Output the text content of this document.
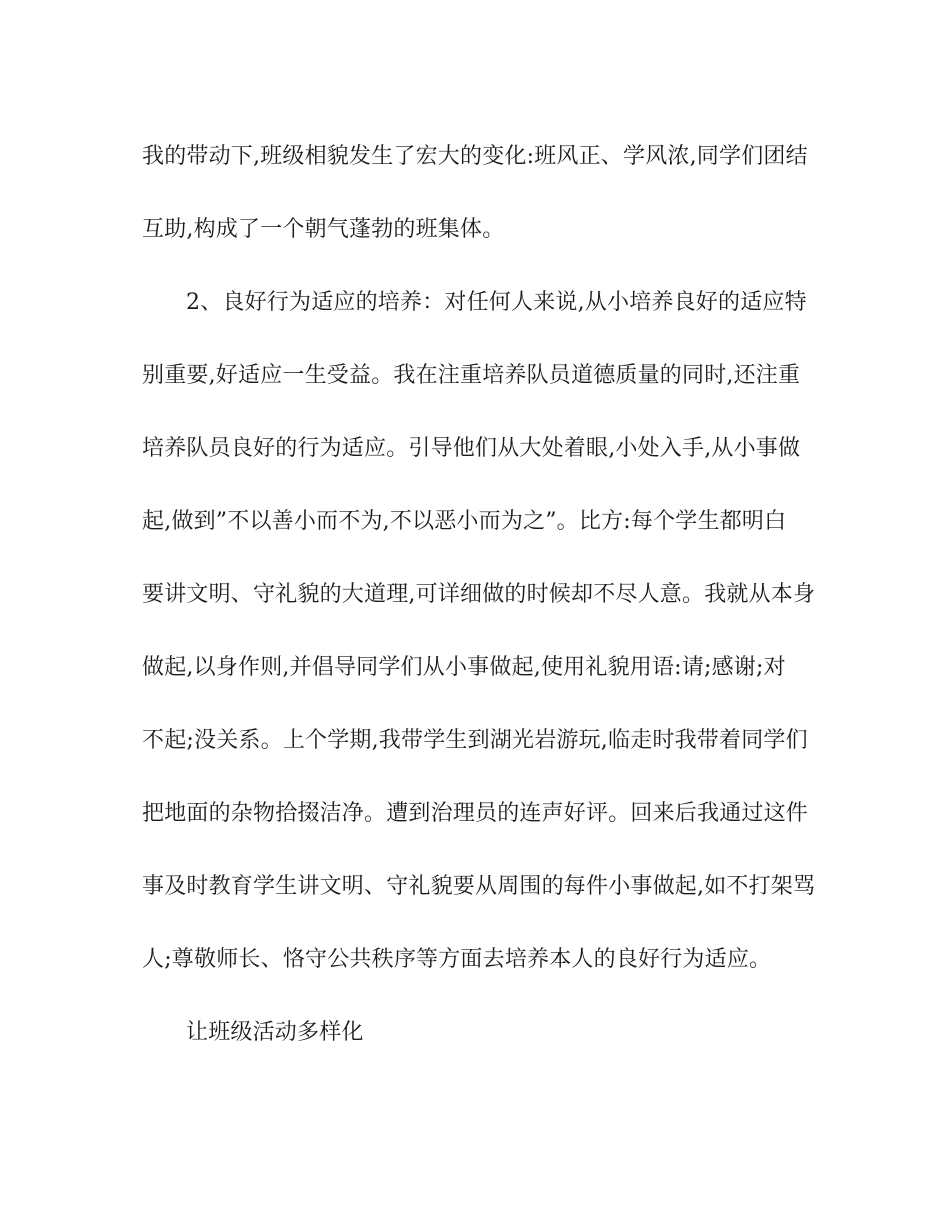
我的带动下,班级相貌发生了宏大的变化:班风正、学风浓,同学们团结
互助,构成了一个朝气蓬勃的班集体。
2、良好行为适应的培养：对任何人来说,从小培养良好的适应特
别重要,好适应一生受益。我在注重培养队员道德质量的同时,还注重
培养队员良好的行为适应。引导他们从大处着眼,小处入手,从小事做
起,做到”不以善小而不为,不以恶小而为之”。比方:每个学生都明白
要讲文明、守礼貌的大道理,可详细做的时候却不尽人意。我就从本身
做起,以身作则,并倡导同学们从小事做起,使用礼貌用语:请;感谢;对
不起;没关系。上个学期,我带学生到湖光岩游玩,临走时我带着同学们
把地面的杂物拾掇洁净。遭到治理员的连声好评。回来后我通过这件
事及时教育学生讲文明、守礼貌要从周围的每件小事做起,如不打架骂
人;尊敬师长、恪守公共秩序等方面去培养本人的良好行为适应。
让班级活动多样化
